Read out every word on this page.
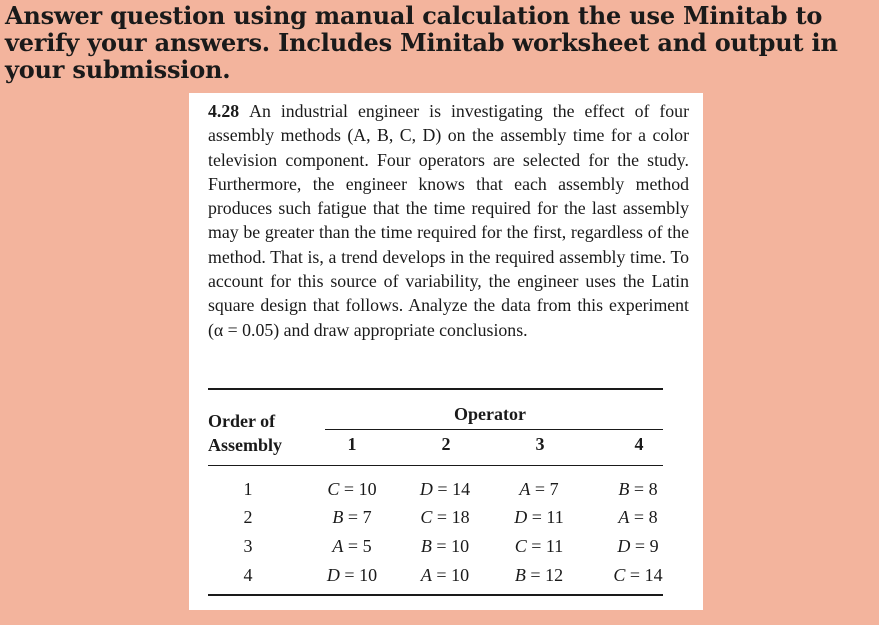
Answer question using manual calculation the use Minitab to verify your answers. Includes Minitab worksheet and output in your submission.
4.28 An industrial engineer is investigating the effect of four assembly methods (A, B, C, D) on the assembly time for a color television component. Four operators are selected for the study. Furthermore, the engineer knows that each assembly method produces such fatigue that the time required for the last assembly may be greater than the time required for the first, regardless of the method. That is, a trend develops in the required assembly time. To account for this source of variability, the engineer uses the Latin square design that follows. Analyze the data from this experiment (α = 0.05) and draw appropriate conclusions.
Order of
Assembly
Operator
1	2	3	4
1	C = 10	D = 14	A = 7	B = 8
2	B = 7	C = 18	D = 11	A = 8
3	A = 5	B = 10	C = 11	D = 9
4	D = 10	A = 10	B = 12	C = 14
